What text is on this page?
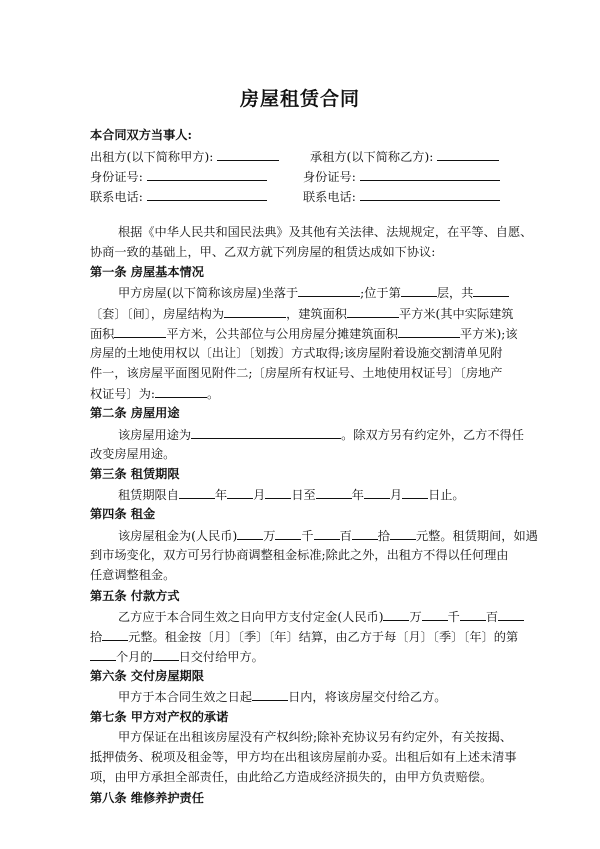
房屋租赁合同
本合同双方当事人:
出租方(以下简称甲方):	承租方(以下简称乙方):
身份证号:	身份证号:
联系电话:	联系电话:
根据《中华人民共和国民法典》及其他有关法律、法规规定，在平等、自愿、
协商一致的基础上，甲、乙双方就下列房屋的租赁达成如下协议:
第一条 房屋基本情况
甲方房屋(以下简称该房屋)坐落于	;位于第	层，共
〔套〕〔间〕，房屋结构为	，建筑面积	平方米(其中实际建筑
面积	平方米，公共部位与公用房屋分摊建筑面积	平方米);该
房屋的土地使用权以〔出让〕〔划拨〕方式取得;该房屋附着设施交割清单见附
件一，该房屋平面图见附件二;〔房屋所有权证号、土地使用权证号〕〔房地产
权证号〕为:	。
第二条 房屋用途
该房屋用途为	。除双方另有约定外，乙方不得任
改变房屋用途。
第三条 租赁期限
租赁期限自	年 月 日至	年 月 日止。
第四条 租金
该房屋租金为(人民币) 万 千 百 拾 元整。租赁期间，如遇
到市场变化，双方可另行协商调整租金标准;除此之外，出租方不得以任何理由
任意调整租金。
第五条 付款方式
乙方应于本合同生效之日向甲方支付定金(人民币) 万 千 百
拾 元整。租金按〔月〕〔季〕〔年〕结算，由乙方于每〔月〕〔季〕〔年〕的第
个月的 日交付给甲方。
第六条 交付房屋期限
甲方于本合同生效之日起	日内，将该房屋交付给乙方。
第七条 甲方对产权的承诺
甲方保证在出租该房屋没有产权纠纷;除补充协议另有约定外，有关按揭、
抵押债务、税项及租金等，甲方均在出租该房屋前办妥。出租后如有上述未清事
项，由甲方承担全部责任，由此给乙方造成经济损失的，由甲方负责赔偿。
第八条 维修养护责任
